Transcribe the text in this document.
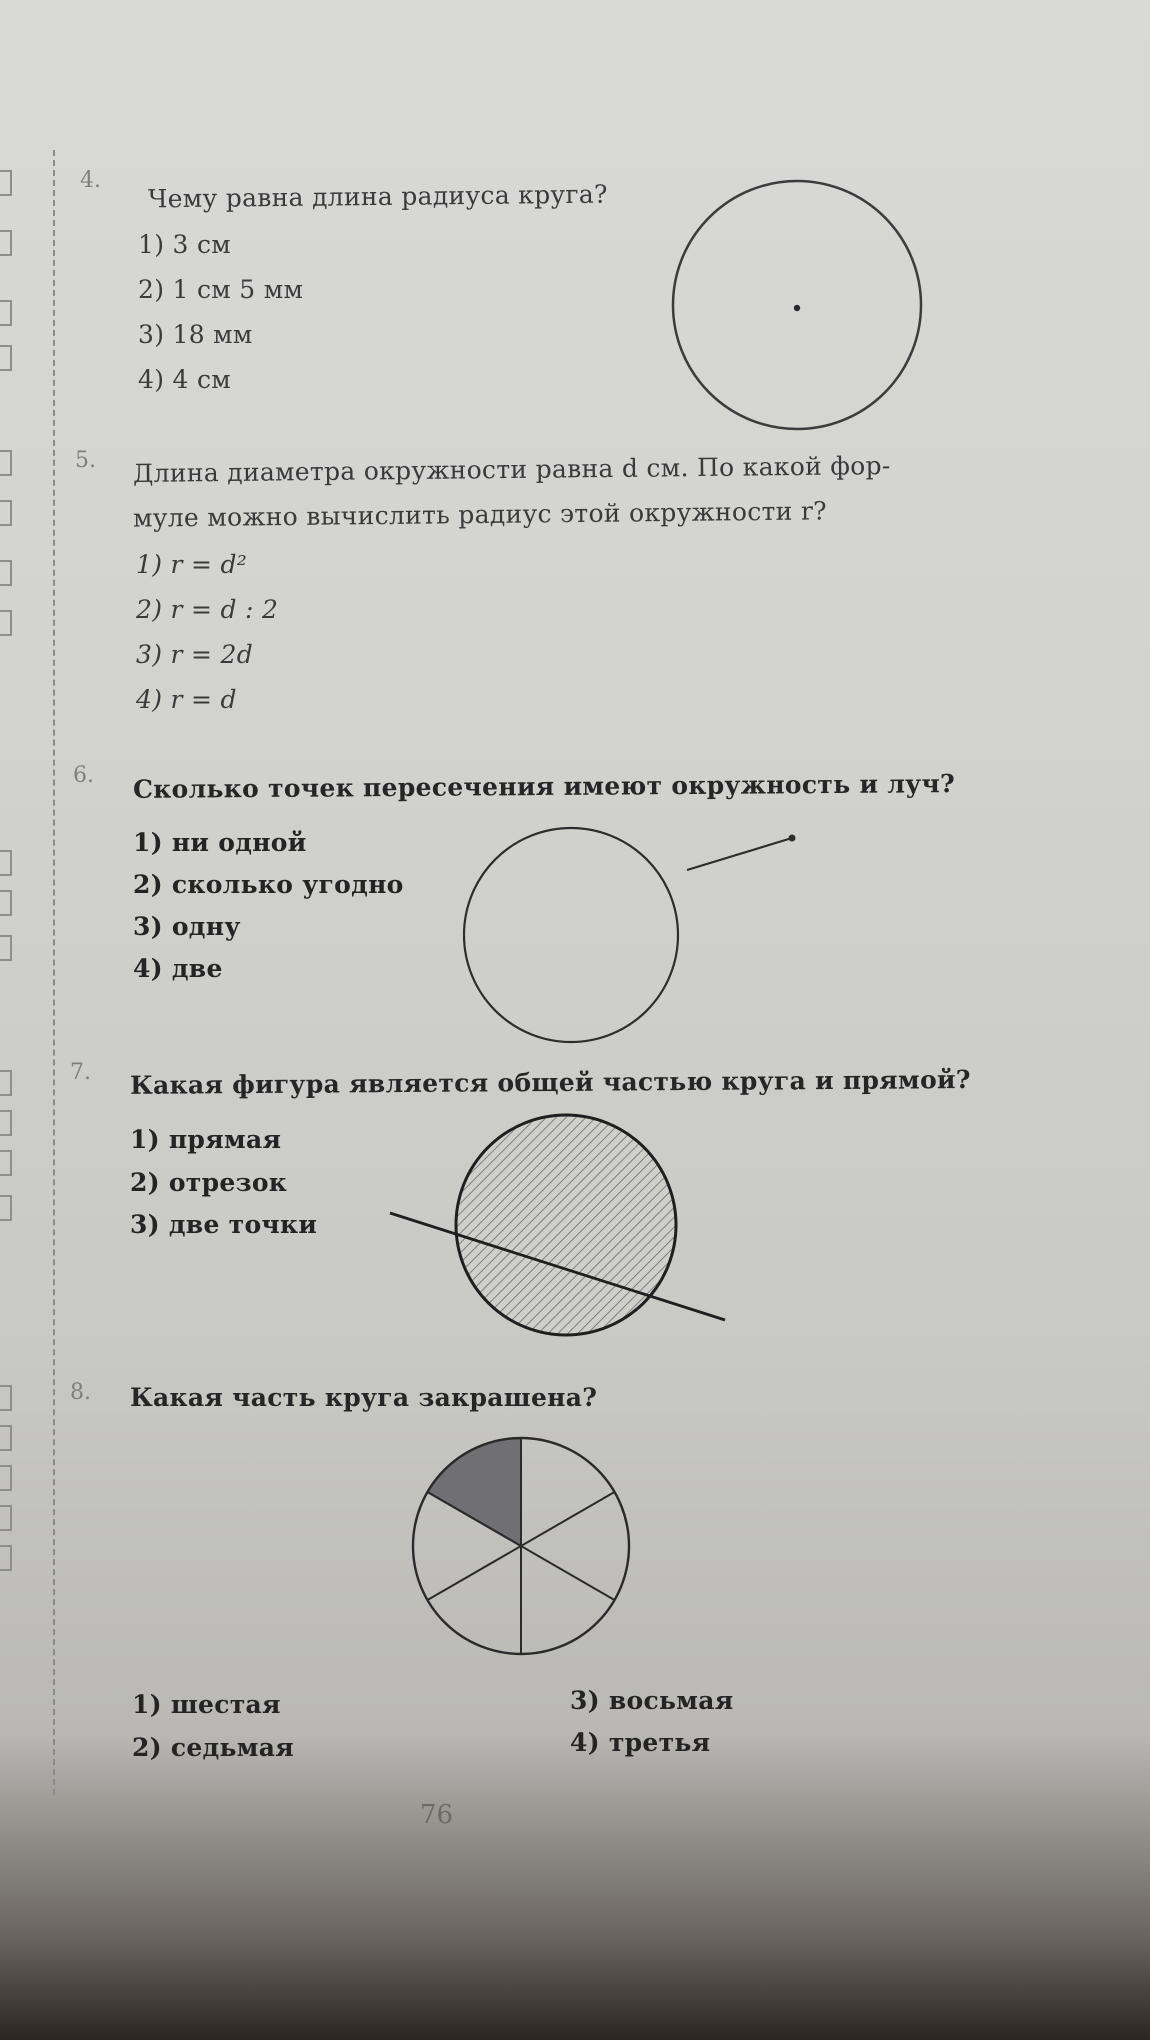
4. Чему равна длина радиуса круга?
1) 3 см
2) 1 см 5 мм
3) 18 мм
4) 4 см
5. Длина диаметра окружности равна d см. По какой фор-
муле можно вычислить радиус этой окружности r?
1) r = d²
2) r = d : 2
3) r = 2d
4) r = d
6. Сколько точек пересечения имеют окружность и луч?
1) ни одной
2) сколько угодно
3) одну
4) две
7. Какая фигура является общей частью круга и прямой?
1) прямая
2) отрезок
3) две точки
8. Какая часть круга закрашена?
1) шестая
2) седьмая
3) восьмая
4) третья
76
